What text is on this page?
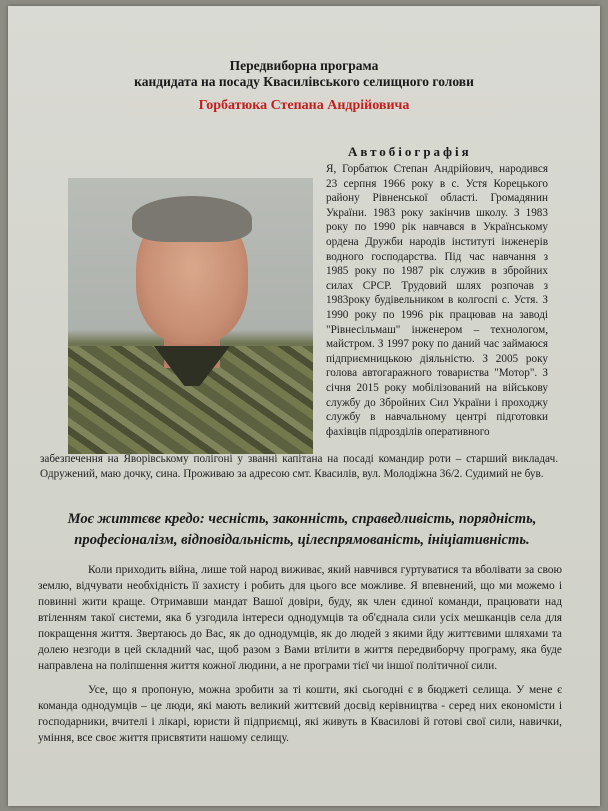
Передвиборна програма
кандидата на посаду Квасилівського селищного голови
Горбатюка Степана Андрійовича
Автобіографія
Я, Горбатюк Степан Андрійович, народився 23 серпня 1966 року в с. Устя Корецького району Рівненської області. Громадянин України. 1983 року закінчив школу. З 1983 року по 1990 рік навчався в Українському ордена Дружби народів інституті інженерів водного господарства. Під час навчання з 1985 року по 1987 рік служив в збройних силах СРСР. Трудовий шлях розпочав з 1983року будівельником в колгоспі с. Устя. З 1990 року по 1996 рік працював на заводі "Рівнесільмаш" інженером – технологом, майстром. З 1997 року по даний час займаюся підприємницькою діяльністю. З 2005 року голова автогаражного товариства "Мотор". З січня 2015 року мобілізований на військову службу до Збройних Сил України і проходжу службу в навчальному центрі підготовки фахівців підрозділів оперативного
забезпечення на Яворівському полігоні у званні капітана на посаді командир роти – старший викладач. Одружений, маю дочку, сина. Проживаю за адресою смт. Квасилів, вул. Молодіжна 36/2. Судимий не був.
Моє життєве кредо: чесність, законність, справедливість, порядність, професіоналізм, відповідальність, цілеспрямованість, ініціативність.
Коли приходить війна, лише той народ виживає, який навчився гуртуватися та вболівати за свою землю, відчувати необхідність її захисту і робить для цього все можливе. Я впевнений, що ми можемо і повинні жити краще. Отримавши мандат Вашої довіри, буду, як член єдиної команди, працювати над втіленням такої системи, яка б узгодила інтереси однодумців та об'єднала сили усіх мешканців села для покращення життя. Звертаюсь до Вас, як до однодумців, як до людей з якими йду життєвими шляхами та долею незгоди в цей складний час, щоб разом з Вами втілити в життя передвиборчу програму, яка буде направлена на поліпшення життя кожної людини, а не програми тієї чи іншої політичної сили.
Усе, що я пропоную, можна зробити за ті кошти, які сьогодні є в бюджеті селища. У мене є команда однодумців – це люди, які мають великий життєвий досвід керівництва - серед них економісти і господарники, вчителі і лікарі, юристи й підприємці, які живуть в Квасилові й готові свої сили, навички, уміння, все своє життя присвятити нашому селищу.
